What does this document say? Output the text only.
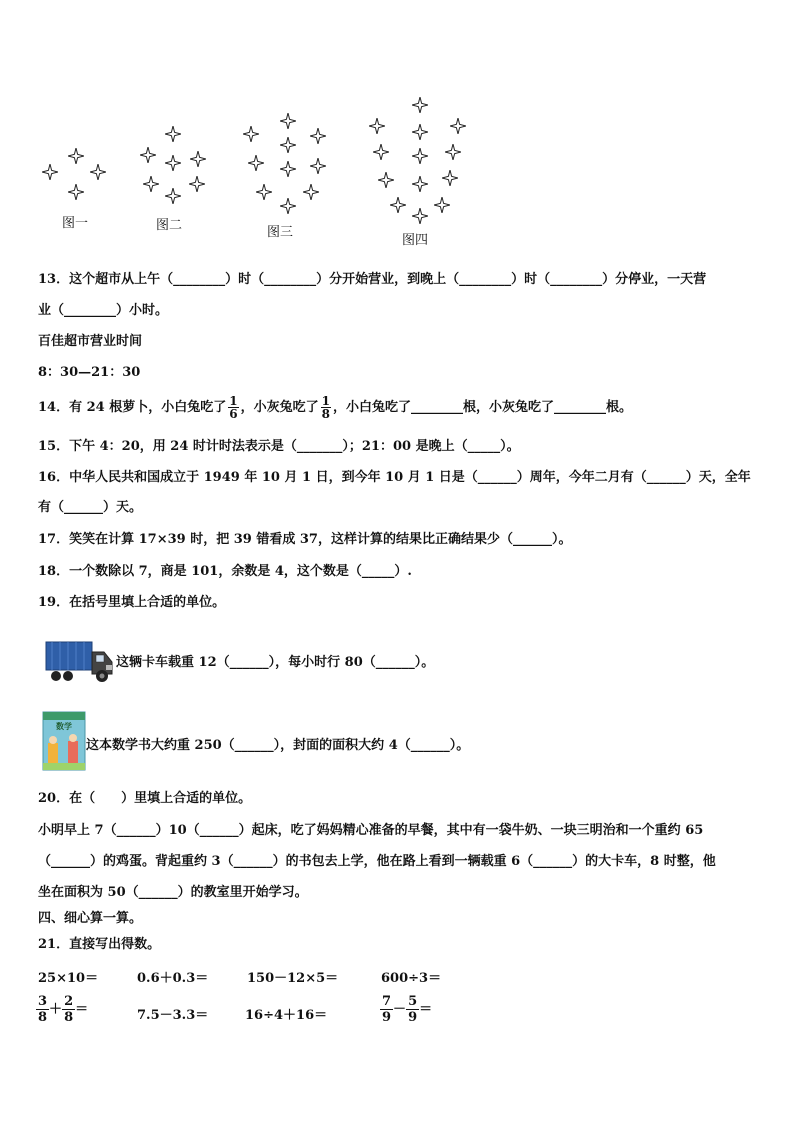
图一	图二	图三
图四
13．这个超市从上午（________）时（________）分开始营业，到晚上（________）时（________）分停业，一天营
业（________）小时。
百佳超市营业时间
8：30—21：30
14．有 24 根萝卜，小白兔吃了 $\frac{1}{6}$ ，小灰兔吃了 $\frac{1}{8}$ ，小白兔吃了________根，小灰兔吃了________根。
15．下午 4：20，用 24 时计时法表示是（_______）；21：00 是晚上（_____）。
16．中华人民共和国成立于 1949 年 10 月 1 日，到今年 10 月 1 日是（______）周年，今年二月有（______）天，全年
有（______）天。
17．笑笑在计算 17×39 时，把 39 错看成 37，这样计算的结果比正确结果少（______）。
18．一个数除以 7，商是 101，余数是 4，这个数是（_____）.
19．在括号里填上合适的单位。
这辆卡车载重 12（______），每小时行 80（______）。
数学
这本数学书大约重 250（______），封面的面积大约 4（______）。
20．在（　　）里填上合适的单位。
小明早上 7（______）10（______）起床，吃了妈妈精心准备的早餐，其中有一袋牛奶、一块三明治和一个重约 65
（______）的鸡蛋。背起重约 3（______）的书包去上学，他在路上看到一辆载重 6（______）的大卡车，8 时整，他
坐在面积为 50（______）的教室里开始学习。
四、细心算一算。
21．直接写出得数。
25×10＝	0.6＋0.3＝	150－12×5＝	600÷3＝
$\frac{3}{8} + \frac{2}{8}$ ＝	7.5－3.3＝	16÷4＋16＝	$\frac{7}{9} - \frac{5}{9}$ ＝
